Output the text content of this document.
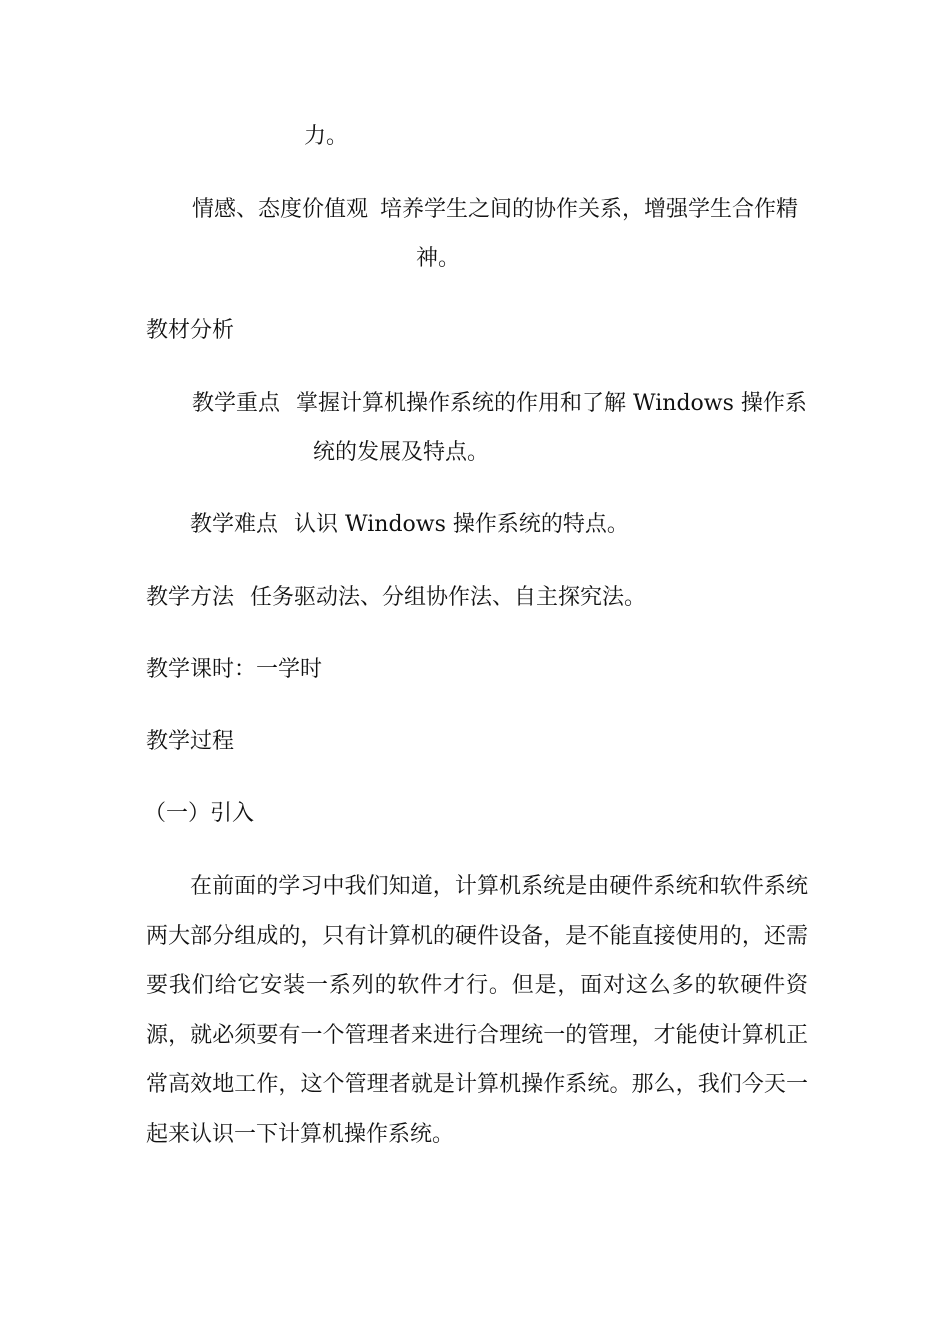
力。
情感、态度价值观 培养学生之间的协作关系，增强学生合作精
神。
教材分析
教学重点 掌握计算机操作系统的作用和了解 Windows 操作系
统的发展及特点。
教学难点 认识 Windows 操作系统的特点。
教学方法 任务驱动法、分组协作法、自主探究法。
教学课时：一学时
教学过程
（一）引入
在前面的学习中我们知道，计算机系统是由硬件系统和软件系统两大部分组成的，只有计算机的硬件设备，是不能直接使用的，还需要我们给它安装一系列的软件才行。但是，面对这么多的软硬件资源，就必须要有一个管理者来进行合理统一的管理，才能使计算机正常高效地工作，这个管理者就是计算机操作系统。那么，我们今天一起来认识一下计算机操作系统。
